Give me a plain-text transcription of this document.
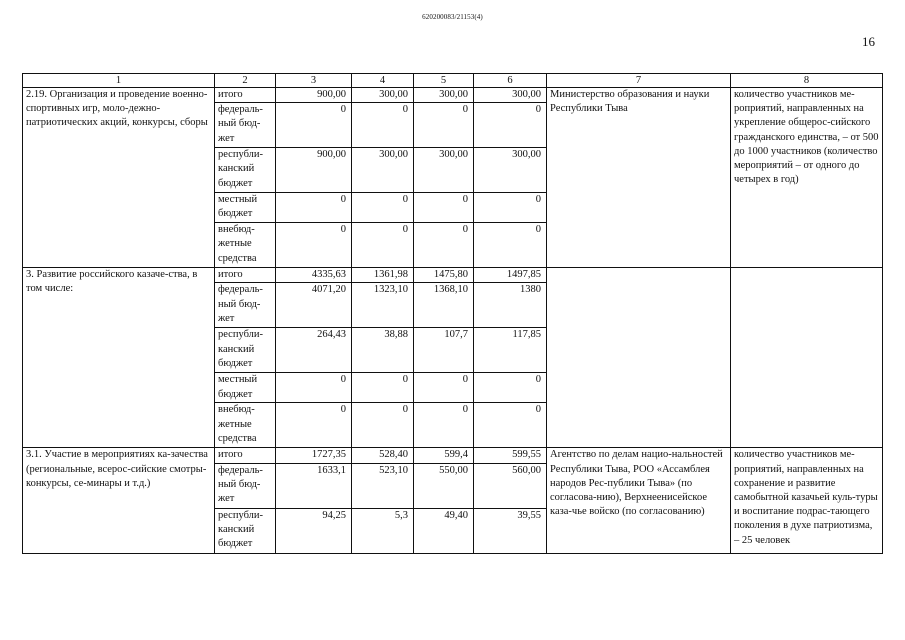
620200083/21153(4)
16
1	2	3	4	5	6	7	8
2.19. Организация и проведение военно-спортивных игр, моло-дежно-патриотических акций, конкурсы, сборы	итого	900,00	300,00	300,00	300,00	Министерство образования и науки Республики Тыва	количество участников ме-роприятий, направленных на укрепление общерос-сийского гражданского единства, – от 500 до 1000 участников (количество мероприятий – от одного до четырех в год)
	федераль-ный бюд-жет	0	0	0	0		
	республи-канский бюджет	900,00	300,00	300,00	300,00		
	местный бюджет	0	0	0	0		
	внебюд-жетные средства	0	0	0	0		
3. Развитие российского казаче-ства, в том числе:	итого	4335,63	1361,98	1475,80	1497,85		
	федераль-ный бюд-жет	4071,20	1323,10	1368,10	1380		
	республи-канский бюджет	264,43	38,88	107,7	117,85		
	местный бюджет	0	0	0	0		
	внебюд-жетные средства	0	0	0	0		
3.1. Участие в мероприятиях ка-зачества (региональные, всерос-сийские смотры-конкурсы, се-минары и т.д.)	итого	1727,35	528,40	599,4	599,55	Агентство по делам нацио-нальностей Республики Тыва, РОО «Ассамблея народов Рес-публики Тыва» (по согласова-нию), Верхнеенисейское каза-чье войско (по согласованию)	количество участников ме-роприятий, направленных на сохранение и развитие самобытной казачьей куль-туры и воспитание подрас-тающего поколения в духе патриотизма, – 25 человек
	федераль-ный бюд-жет	1633,1	523,10	550,00	560,00		
	республи-канский бюджет	94,25	5,3	49,40	39,55		
